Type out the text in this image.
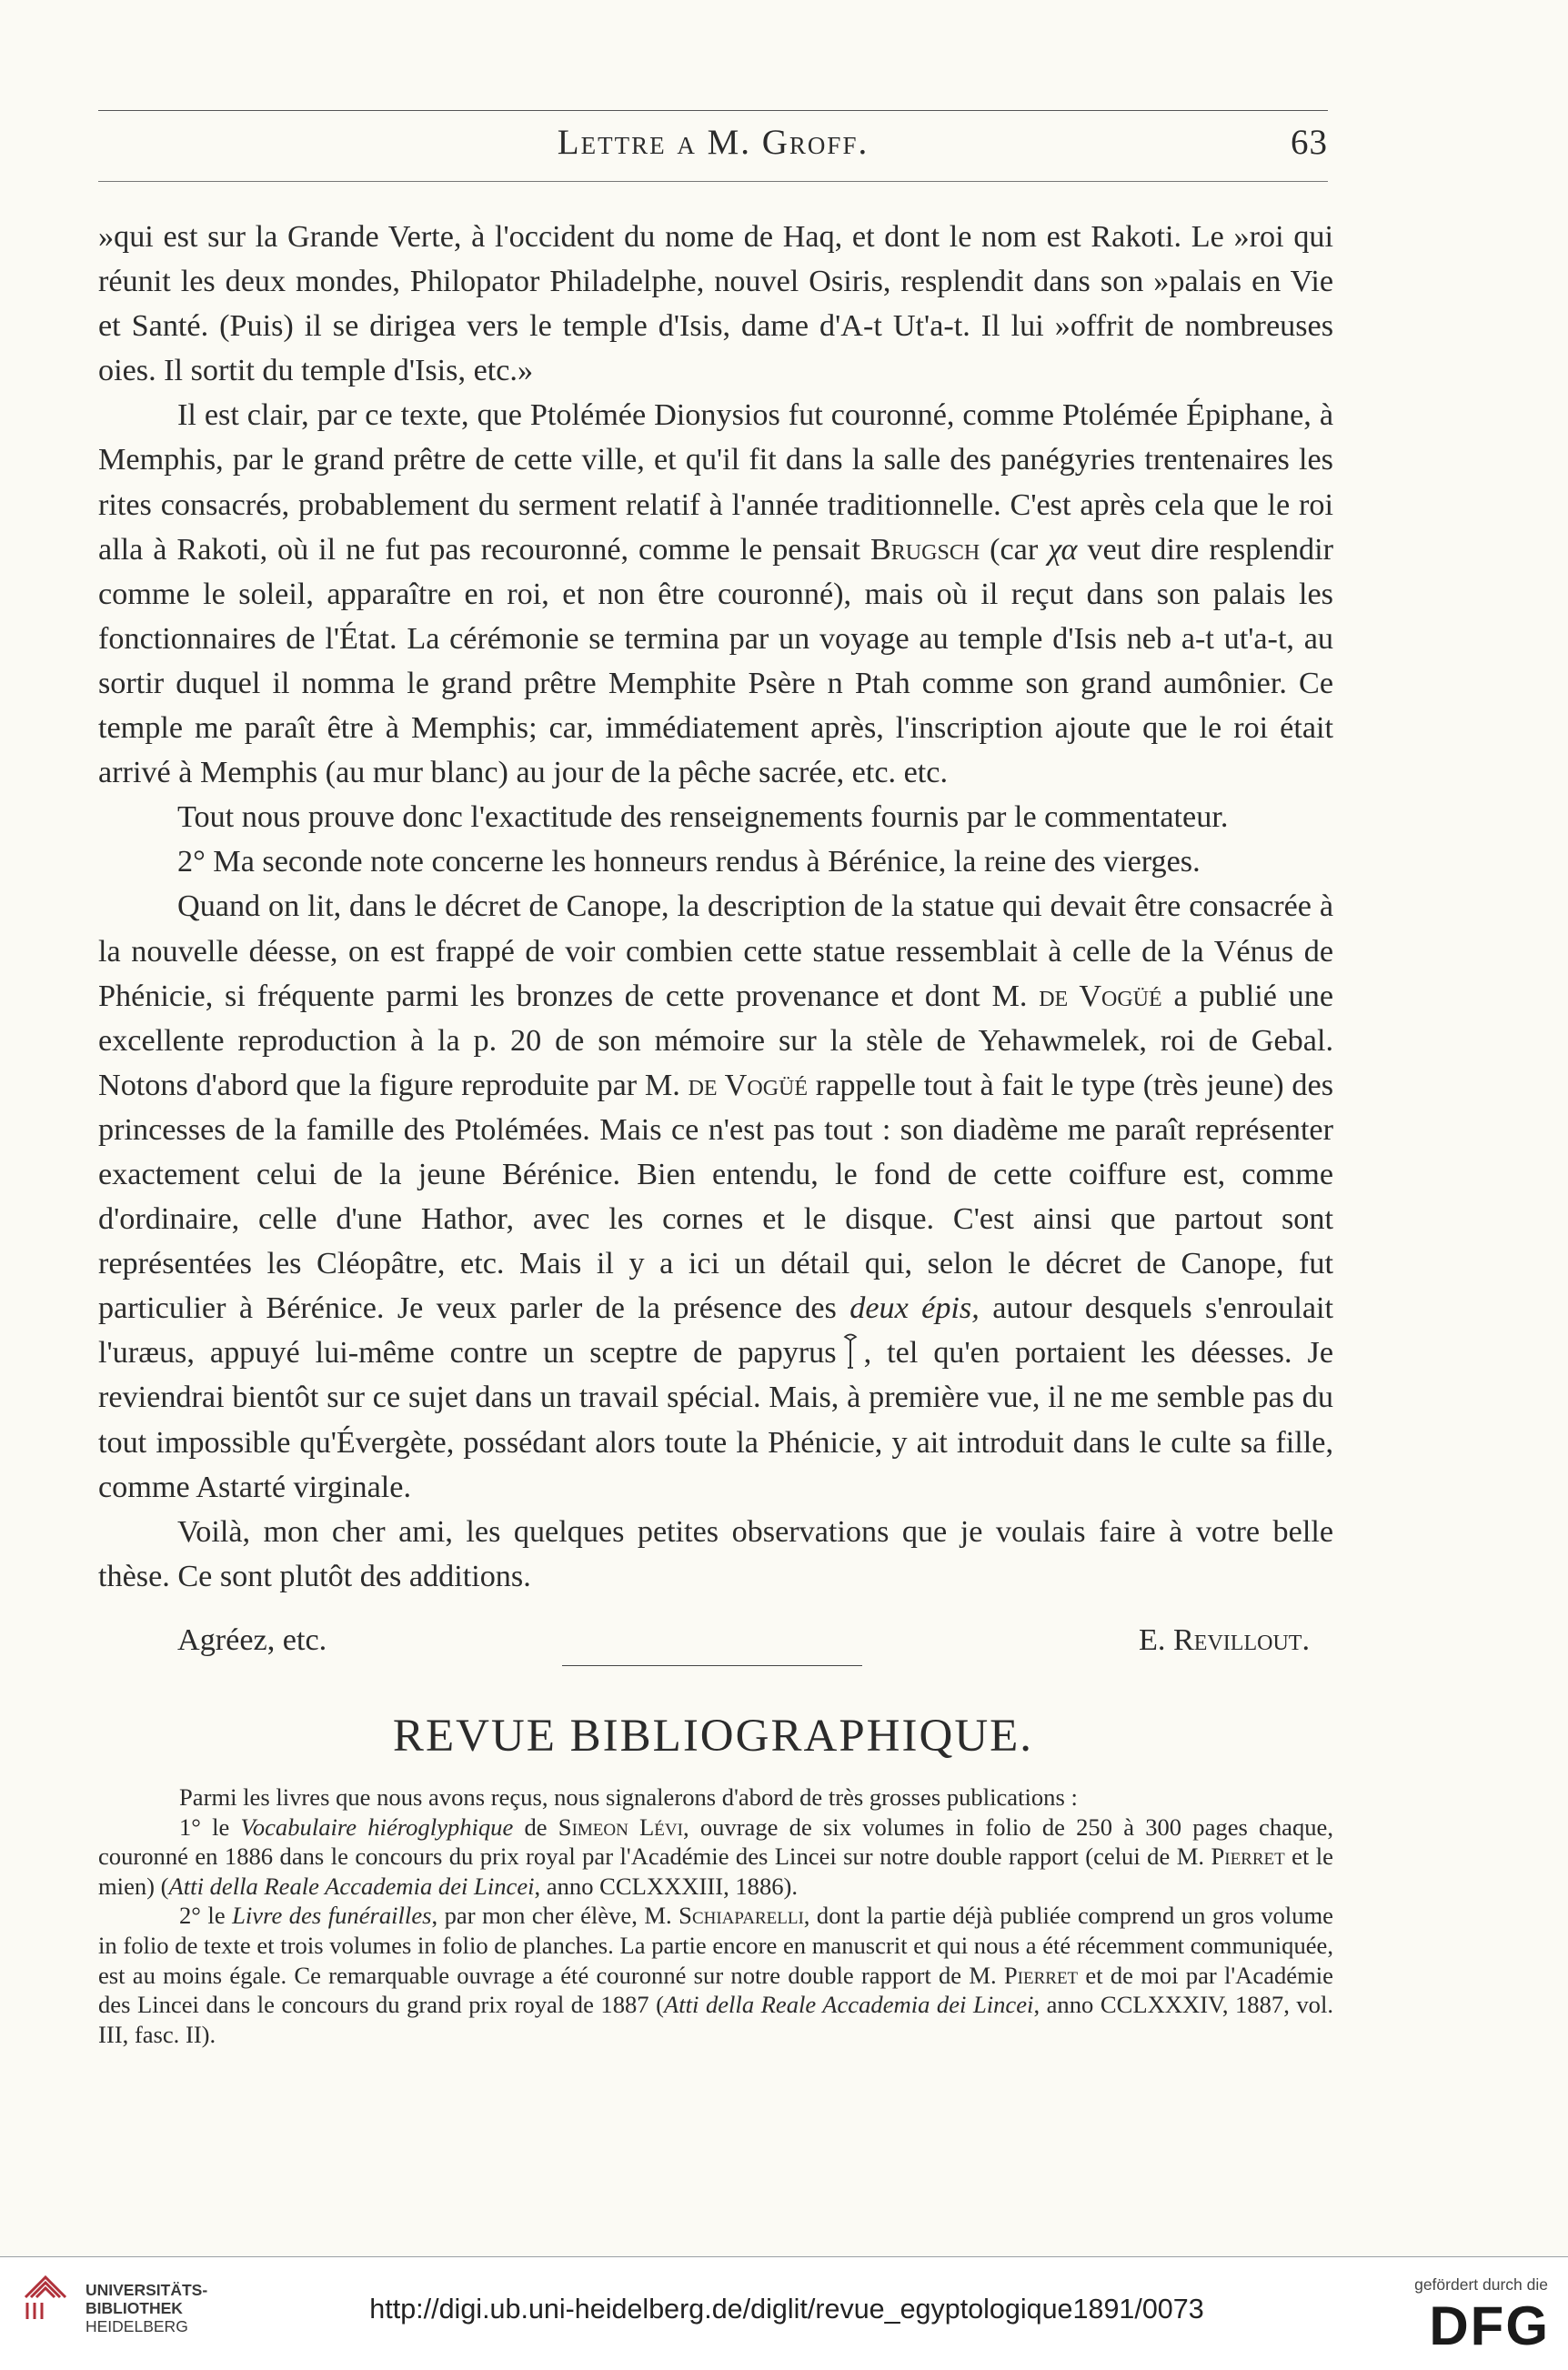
Lettre a M. Groff.	63

»qui est sur la Grande Verte, à l'occident du nome de Haq, et dont le nom est Rakoti. Le »roi qui réunit les deux mondes, Philopator Philadelphe, nouvel Osiris, resplendit dans son »palais en Vie et Santé. (Puis) il se dirigea vers le temple d'Isis, dame d'A-t Ut'a-t. Il lui »offrit de nombreuses oies. Il sortit du temple d'Isis, etc.»

Il est clair, par ce texte, que Ptolémée Dionysios fut couronné, comme Ptolémée Épiphane, à Memphis, par le grand prêtre de cette ville, et qu'il fit dans la salle des panégyries trentenaires les rites consacrés, probablement du serment relatif à l'année traditionnelle. C'est après cela que le roi alla à Rakoti, où il ne fut pas recouronné, comme le pensait Brugsch (car χα veut dire resplendir comme le soleil, apparaître en roi, et non être couronné), mais où il reçut dans son palais les fonctionnaires de l'État. La cérémonie se termina par un voyage au temple d'Isis neb a-t ut'a-t, au sortir duquel il nomma le grand prêtre Memphite Psère n Ptah comme son grand aumônier. Ce temple me paraît être à Memphis; car, immédiatement après, l'inscription ajoute que le roi était arrivé à Memphis (au mur blanc) au jour de la pêche sacrée, etc. etc.

Tout nous prouve donc l'exactitude des renseignements fournis par le commentateur.

2° Ma seconde note concerne les honneurs rendus à Bérénice, la reine des vierges.

Quand on lit, dans le décret de Canope, la description de la statue qui devait être consacrée à la nouvelle déesse, on est frappé de voir combien cette statue ressemblait à celle de la Vénus de Phénicie, si fréquente parmi les bronzes de cette provenance et dont M. de Vogüé a publié une excellente reproduction à la p. 20 de son mémoire sur la stèle de Yehawmelek, roi de Gebal. Notons d'abord que la figure reproduite par M. de Vogüé rappelle tout à fait le type (très jeune) des princesses de la famille des Ptolémées. Mais ce n'est pas tout : son diadème me paraît représenter exactement celui de la jeune Bérénice. Bien entendu, le fond de cette coiffure est, comme d'ordinaire, celle d'une Hathor, avec les cornes et le disque. C'est ainsi que partout sont représentées les Cléopâtre, etc. Mais il y a ici un détail qui, selon le décret de Canope, fut particulier à Bérénice. Je veux parler de la présence des deux épis, autour desquels s'enroulait l'uræus, appuyé lui-même contre un sceptre de papyrus , tel qu'en portaient les déesses. Je reviendrai bientôt sur ce sujet dans un travail spécial. Mais, à première vue, il ne me semble pas du tout impossible qu'Évergète, possédant alors toute la Phénicie, y ait introduit dans le culte sa fille, comme Astarté virginale.

Voilà, mon cher ami, les quelques petites observations que je voulais faire à votre belle thèse. Ce sont plutôt des additions.

Agréez, etc.	E. Revillout.
REVUE BIBLIOGRAPHIQUE.

Parmi les livres que nous avons reçus, nous signalerons d'abord de très grosses publications :

1° le Vocabulaire hiéroglyphique de Simeon Lévi, ouvrage de six volumes in folio de 250 à 300 pages chaque, couronné en 1886 dans le concours du prix royal par l'Académie des Lincei sur notre double rapport (celui de M. Pierret et le mien) (Atti della Reale Accademia dei Lincei, anno CCLXXXIII, 1886).

2° le Livre des funérailles, par mon cher élève, M. Schiaparelli, dont la partie déjà publiée comprend un gros volume in folio de texte et trois volumes in folio de planches. La partie encore en manuscrit et qui nous a été récemment communiquée, est au moins égale. Ce remarquable ouvrage a été couronné sur notre double rapport de M. Pierret et de moi par l'Académie des Lincei dans le concours du grand prix royal de 1887 (Atti della Reale Accademia dei Lincei, anno CCLXXXIV, 1887, vol. III, fasc. II).

UNIVERSITÄTS-
BIBLIOTHEK
HEIDELBERG
http://digi.ub.uni-heidelberg.de/diglit/revue_egyptologique1891/0073
gefördert durch die
DFG
